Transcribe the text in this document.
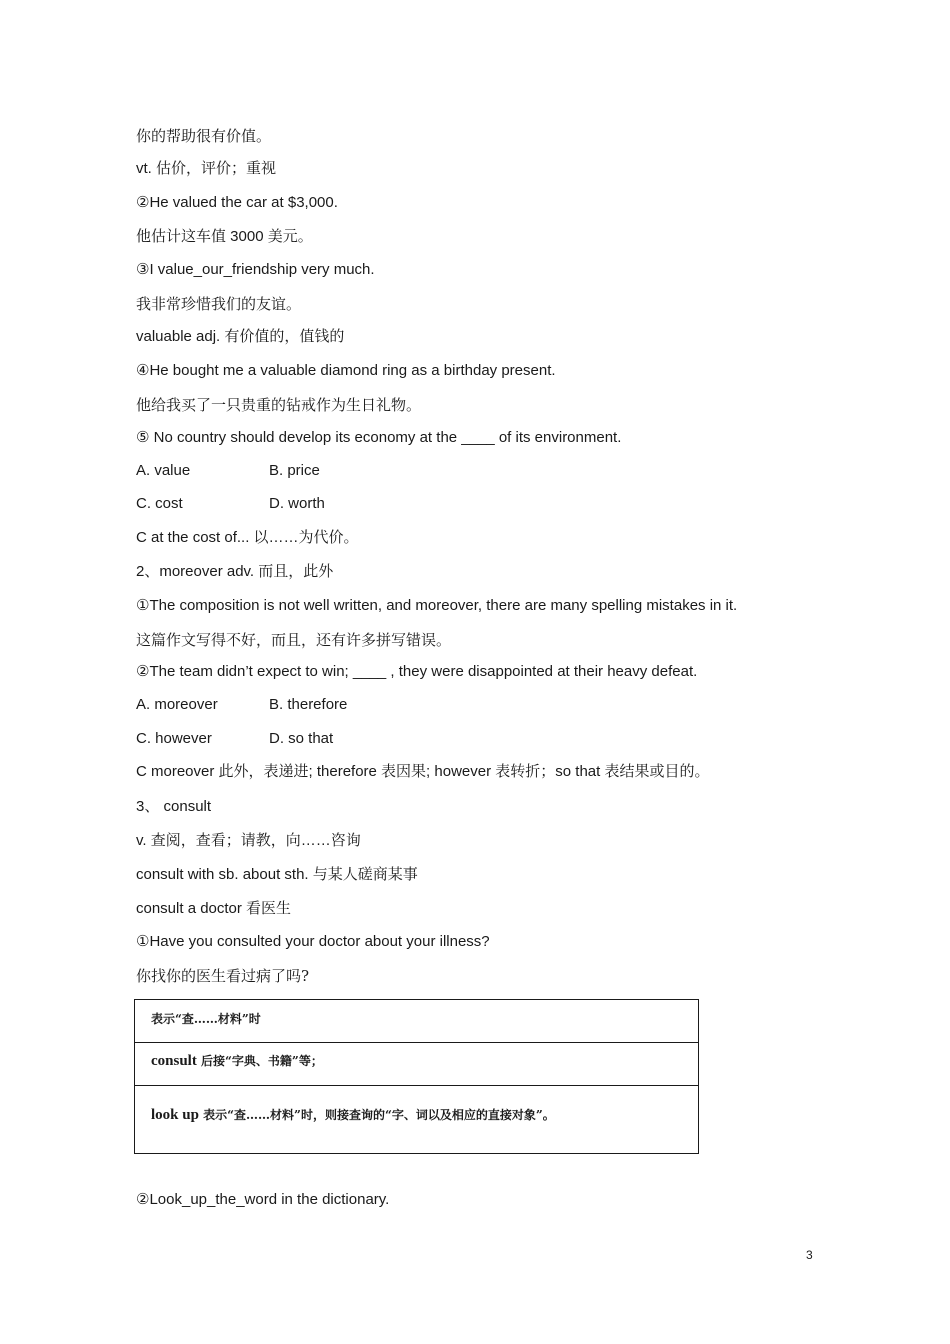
你的帮助很有价值。
vt. 估价，评价；重视
②He valued the car at $3,000.
他估计这车值 3000 美元。
③I value_our_friendship very much.
我非常珍惜我们的友谊。
valuable adj. 有价值的，值钱的
④He bought me a valuable diamond ring as a birthday present.
他给我买了一只贵重的钻戒作为生日礼物。
⑤ No country should develop its economy at the ____ of its environment.
A. value	B. price
C. cost	D. worth
C at the cost of... 以……为代价。
2、moreover adv. 而且，此外
①The composition is not well written, and moreover, there are many spelling mistakes in it.
这篇作文写得不好，而且，还有许多拼写错误。
②The team didn’t expect to win; ____ , they were disappointed at their heavy defeat.
A. moreover	B. therefore
C. however	D. so that
C moreover 此外，表递进; therefore 表因果; however 表转折；so that 表结果或目的。
3、 consult
v. 查阅，查看；请教，向……咨询
consult with sb. about sth. 与某人磋商某事
consult a doctor 看医生
①Have you consulted your doctor about your illness?
你找你的医生看过病了吗?
表示“查……材料”时
consult 后接“字典、书籍”等；
look up 表示“查……材料”时，则接查询的“字、词以及相应的直接对象”。
②Look_up_the_word in the dictionary.
3
